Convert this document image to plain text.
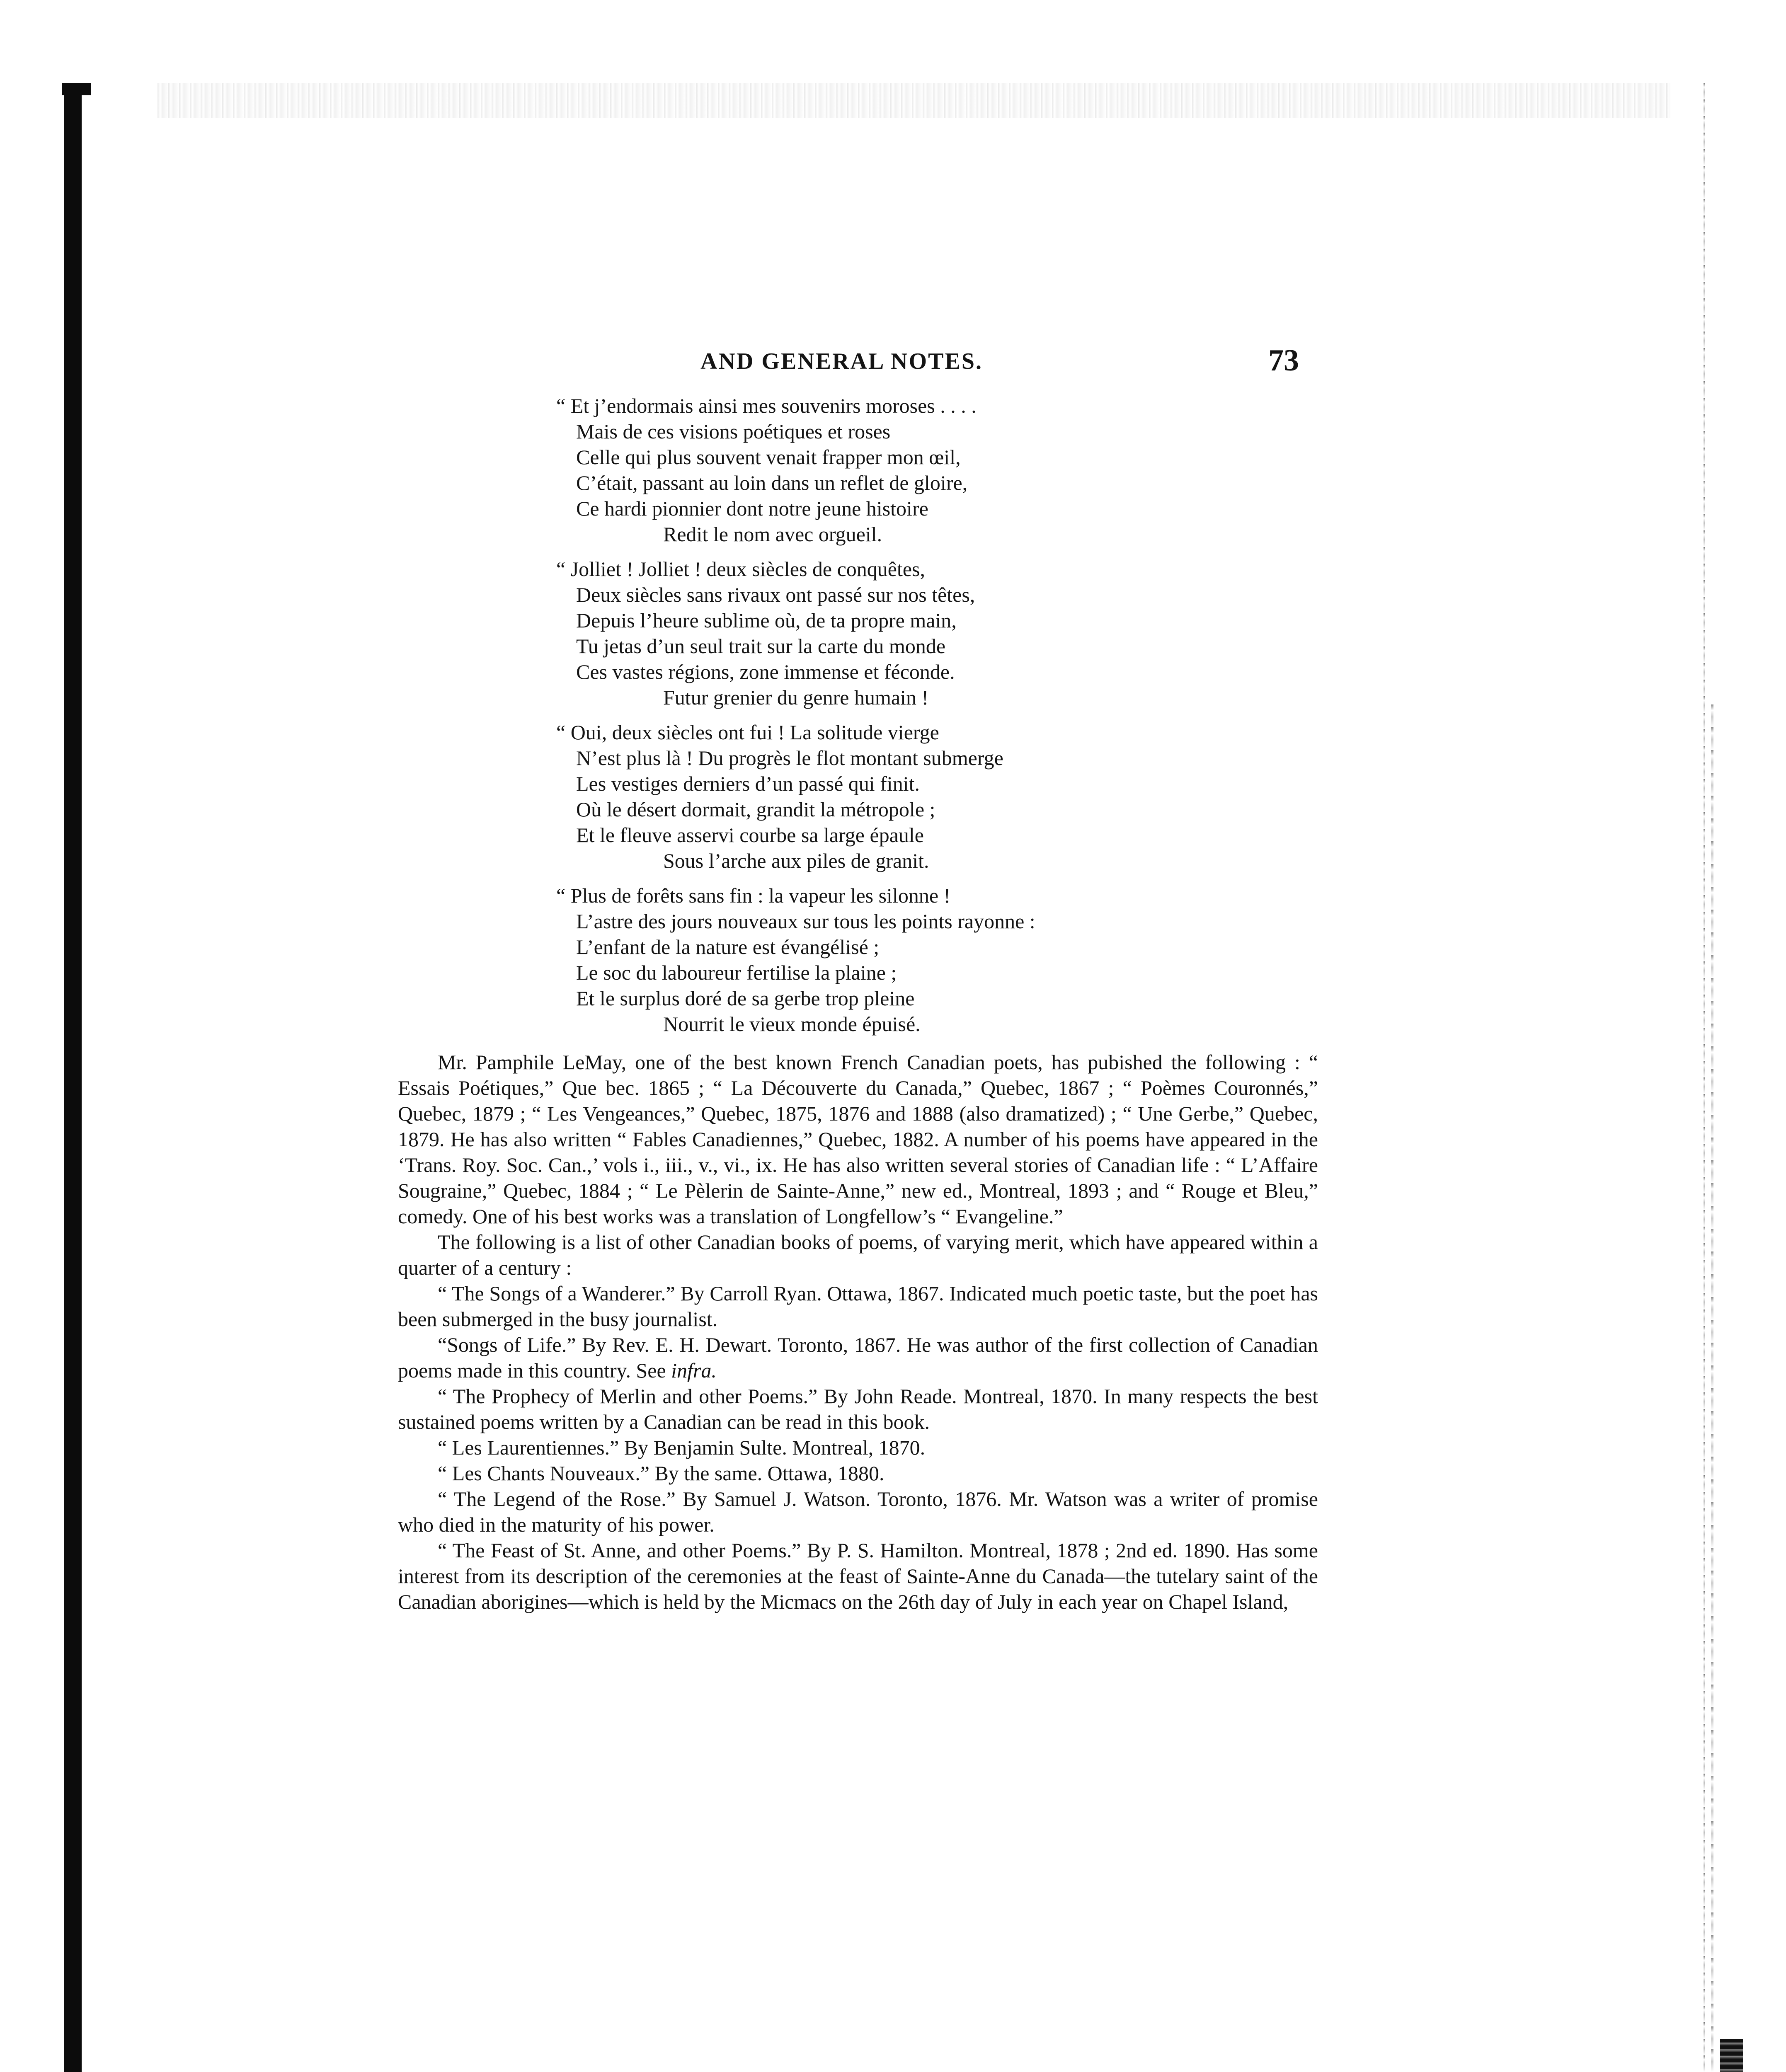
AND GENERAL NOTES.	73
“ Et j’endormais ainsi mes souvenirs moroses . . . .
Mais de ces visions poétiques et roses
Celle qui plus souvent venait frapper mon œil,
C’était, passant au loin dans un reflet de gloire,
Ce hardi pionnier dont notre jeune histoire
Redit le nom avec orgueil.
“ Jolliet ! Jolliet ! deux siècles de conquêtes,
Deux siècles sans rivaux ont passé sur nos têtes,
Depuis l’heure sublime où, de ta propre main,
Tu jetas d’un seul trait sur la carte du monde
Ces vastes régions, zone immense et féconde.
Futur grenier du genre humain !
“ Oui, deux siècles ont fui ! La solitude vierge
N’est plus là ! Du progrès le flot montant submerge
Les vestiges derniers d’un passé qui finit.
Où le désert dormait, grandit la métropole ;
Et le fleuve asservi courbe sa large épaule
Sous l’arche aux piles de granit.
“ Plus de forêts sans fin : la vapeur les silonne !
L’astre des jours nouveaux sur tous les points rayonne :
L’enfant de la nature est évangélisé ;
Le soc du laboureur fertilise la plaine ;
Et le surplus doré de sa gerbe trop pleine
Nourrit le vieux monde épuisé.

Mr. Pamphile LeMay, one of the best known French Canadian poets, has pubished the following : “ Essais Poétiques,” Que bec. 1865 ; “ La Découverte du Canada,” Quebec, 1867 ; “ Poèmes Couronnés,” Quebec, 1879 ; “ Les Vengeances,” Quebec, 1875, 1876 and 1888 (also dramatized) ; “ Une Gerbe,” Quebec, 1879. He has also written “ Fables Canadiennes,” Quebec, 1882. A number of his poems have appeared in the ‘Trans. Roy. Soc. Can.,’ vols i., iii., v., vi., ix. He has also written several stories of Canadian life : “ L’Affaire Sougraine,” Quebec, 1884 ; “ Le Pèlerin de Sainte-Anne,” new ed., Montreal, 1893 ; and “ Rouge et Bleu,” comedy. One of his best works was a translation of Longfellow’s “ Evangeline.”

The following is a list of other Canadian books of poems, of varying merit, which have appeared within a quarter of a century :

“ The Songs of a Wanderer.” By Carroll Ryan. Ottawa, 1867. Indicated much poetic taste, but the poet has been submerged in the busy journalist.

“Songs of Life.” By Rev. E. H. Dewart. Toronto, 1867. He was author of the first collection of Canadian poems made in this country. See infra.

“ The Prophecy of Merlin and other Poems.” By John Reade. Montreal, 1870. In many respects the best sustained poems written by a Canadian can be read in this book.

“ Les Laurentiennes.” By Benjamin Sulte. Montreal, 1870.

“ Les Chants Nouveaux.” By the same. Ottawa, 1880.

“ The Legend of the Rose.” By Samuel J. Watson. Toronto, 1876. Mr. Watson was a writer of promise who died in the maturity of his power.

“ The Feast of St. Anne, and other Poems.” By P. S. Hamilton. Montreal, 1878 ; 2nd ed. 1890. Has some interest from its description of the ceremonies at the feast of Sainte-Anne du Canada—the tutelary saint of the Canadian aborigines—which is held by the Micmacs on the 26th day of July in each year on Chapel Island,
